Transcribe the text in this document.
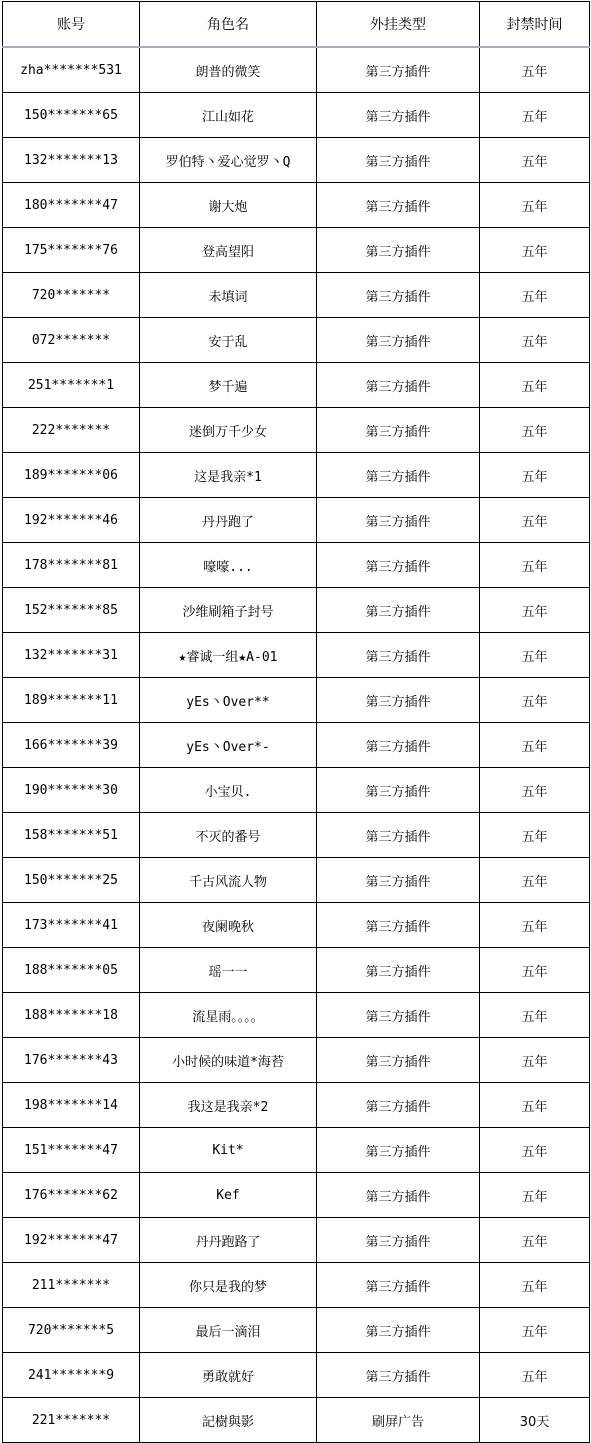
账号	角色名	外挂类型	封禁时间
zha*******531	朗普的微笑	第三方插件	五年
150*******65	江山如花	第三方插件	五年
132*******13	罗伯特丶爱心觉罗丶Q	第三方插件	五年
180*******47	谢大炮	第三方插件	五年
175*******76	登高望阳	第三方插件	五年
720*******	未填词	第三方插件	五年
072*******	安于乱	第三方插件	五年
251*******1	梦千遍	第三方插件	五年
222*******	迷倒万千少女	第三方插件	五年
189*******06	这是我亲*1	第三方插件	五年
192*******46	丹丹跑了	第三方插件	五年
178*******81	嚎嚎...	第三方插件	五年
152*******85	沙维刷箱子封号	第三方插件	五年
132*******31	★睿诚一组★A-01	第三方插件	五年
189*******11	yEs丶Over**	第三方插件	五年
166*******39	yEs丶Over*-	第三方插件	五年
190*******30	小宝贝.	第三方插件	五年
158*******51	不灭的番号	第三方插件	五年
150*******25	千古风流人物	第三方插件	五年
173*******41	夜阑晚秋	第三方插件	五年
188*******05	瑶一一	第三方插件	五年
188*******18	流星雨。。。。	第三方插件	五年
176*******43	小时候的味道*海苔	第三方插件	五年
198*******14	我这是我亲*2	第三方插件	五年
151*******47	Kit*	第三方插件	五年
176*******62	Kef	第三方插件	五年
192*******47	丹丹跑路了	第三方插件	五年
211*******	你只是我的梦	第三方插件	五年
720*******5	最后一滴泪	第三方插件	五年
241*******9	勇敢就好	第三方插件	五年
221*******	記樹與影	刷屏广告	30天
